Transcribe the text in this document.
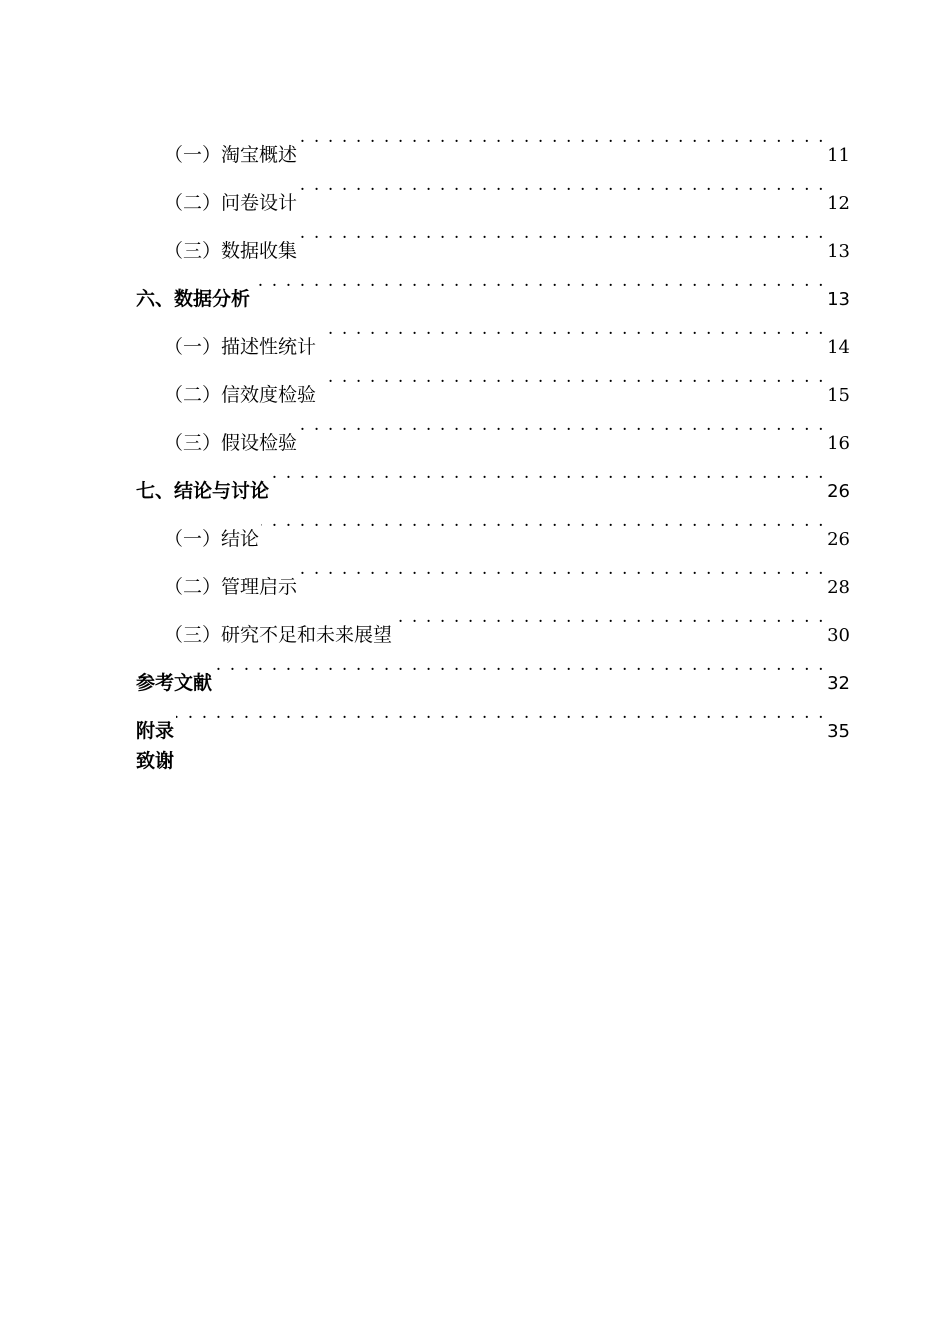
（一）淘宝概述 . . .	11
（二）问卷设计 . . .	12
（三）数据收集 . . .	13
六、数据分析 . . .	13
（一）描述性统计 . . .	14
（二）信效度检验 . . .	15
（三）假设检验 . . .	16
七、结论与讨论 . . .	26
（一）结论 . . .	26
（二）管理启示 . . .	28
（三）研究不足和未来展望 . . .	30
参考文献 . . .	32
附录 . . .	35
致谢
